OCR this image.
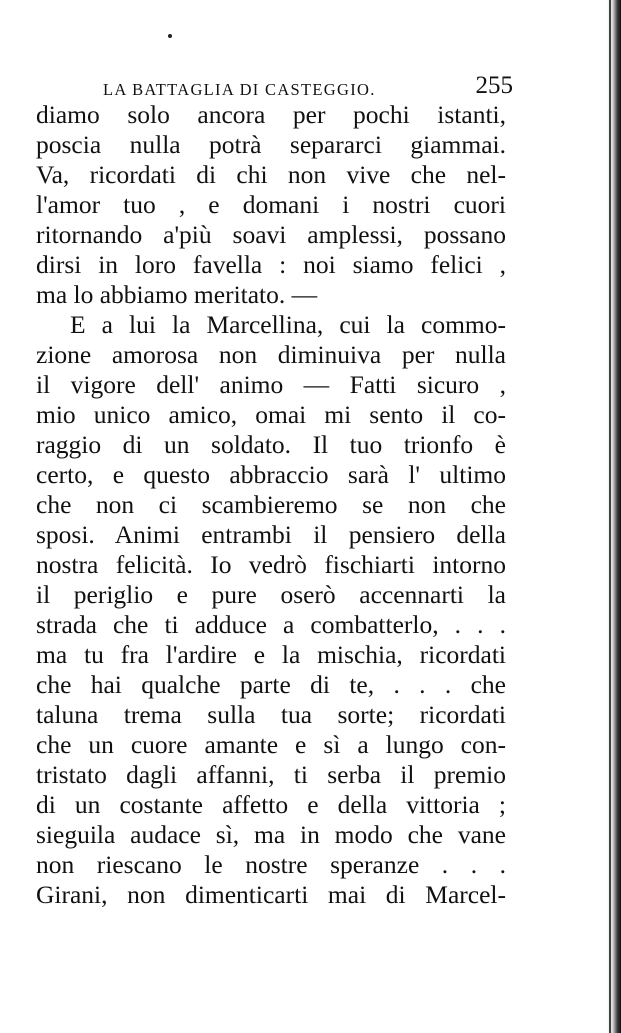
LA BATTAGLIA DI CASTEGGIO.	255
diamo solo ancora per pochi istanti,
poscia nulla potrà separarci giammai.
Va, ricordati di chi non vive che nel-
l'amor tuo , e domani i nostri cuori
ritornando a'più soavi amplessi, possano
dirsi in loro favella : noi siamo felici ,
ma lo abbiamo meritato. —
E a lui la Marcellina, cui la commo-
zione amorosa non diminuiva per nulla
il vigore dell' animo — Fatti sicuro ,
mio unico amico, omai mi sento il co-
raggio di un soldato. Il tuo trionfo è
certo, e questo abbraccio sarà l' ultimo
che non ci scambieremo se non che
sposi. Animi entrambi il pensiero della
nostra felicità. Io vedrò fischiarti intorno
il periglio e pure oserò accennarti la
strada che ti adduce a combatterlo, . . .
ma tu fra l'ardire e la mischia, ricordati
che hai qualche parte di te, . . . che
taluna trema sulla tua sorte; ricordati
che un cuore amante e sì a lungo con-
tristato dagli affanni, ti serba il premio
di un costante affetto e della vittoria ;
sieguila audace sì, ma in modo che vane
non riescano le nostre speranze . . .
Girani, non dimenticarti mai di Marcel-
